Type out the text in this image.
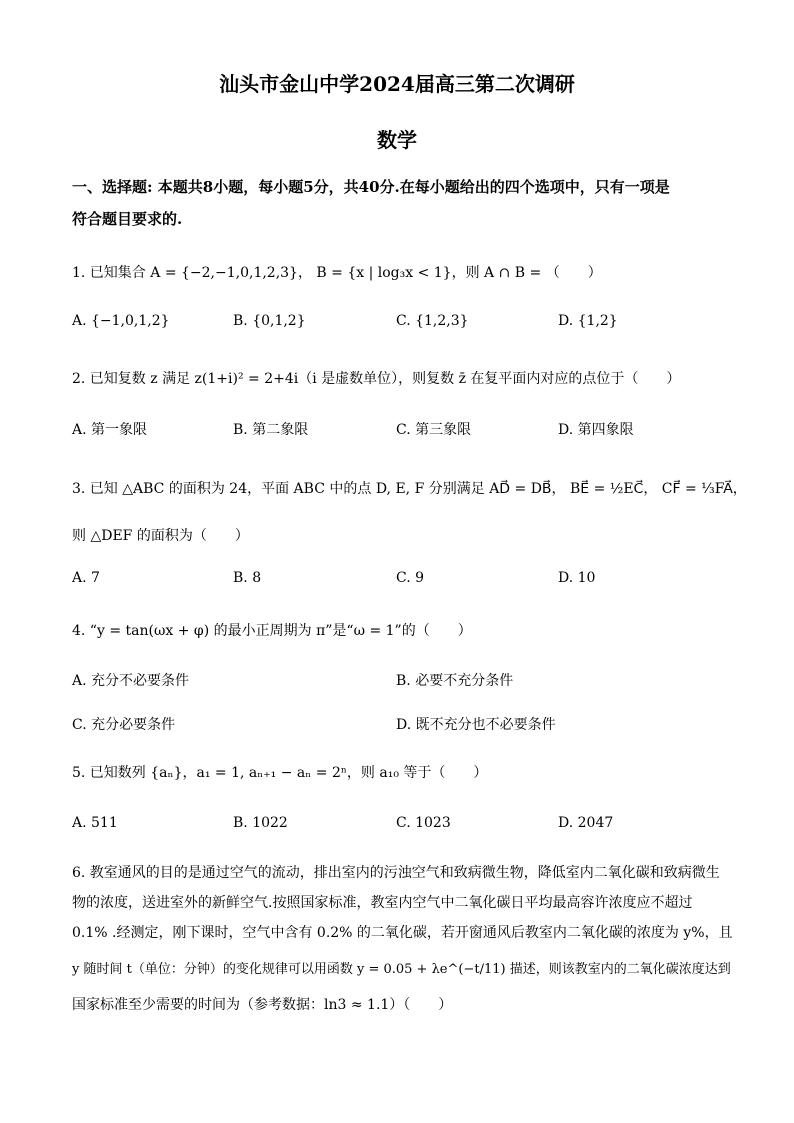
汕头市金山中学2024届高三第二次调研
数学
一、选择题: 本题共8小题，每小题5分，共40分.在每小题给出的四个选项中，只有一项是
符合题目要求的.
1. 已知集合 A = {−2,−1,0,1,2,3}， B = {x | log₃x < 1}，则 A ∩ B = （　　）
A. {−1,0,1,2}	B. {0,1,2}	C. {1,2,3}	D. {1,2}
2. 已知复数 z 满足 z(1+i)² = 2+4i（i 是虚数单位），则复数 z̄ 在复平面内对应的点位于（　　）
A. 第一象限	B. 第二象限	C. 第三象限	D. 第四象限
3. 已知 △ABC 的面积为 24，平面 ABC 中的点 D, E, F 分别满足 AD⃗ = DB⃗， BE⃗ = ½EC⃗， CF⃗ = ⅓FA⃗，
则 △DEF 的面积为（　　）
A. 7	B. 8	C. 9	D. 10
4. “y = tan(ωx + φ) 的最小正周期为 π”是“ω = 1”的（　　）
A. 充分不必要条件	B. 必要不充分条件
C. 充分必要条件	D. 既不充分也不必要条件
5. 已知数列 {aₙ}，a₁ = 1, aₙ₊₁ − aₙ = 2ⁿ，则 a₁₀ 等于（　　）
A. 511	B. 1022	C. 1023	D. 2047
6. 教室通风的目的是通过空气的流动，排出室内的污浊空气和致病微生物，降低室内二氧化碳和致病微生
物的浓度，送进室外的新鲜空气.按照国家标准，教室内空气中二氧化碳日平均最高容许浓度应不超过
0.1% .经测定，刚下课时，空气中含有 0.2% 的二氧化碳，若开窗通风后教室内二氧化碳的浓度为 y%，且
y 随时间 t（单位：分钟）的变化规律可以用函数 y = 0.05 + λe^(−t/11) 描述，则该教室内的二氧化碳浓度达到
国家标准至少需要的时间为（参考数据：ln3 ≈ 1.1）（　　）
